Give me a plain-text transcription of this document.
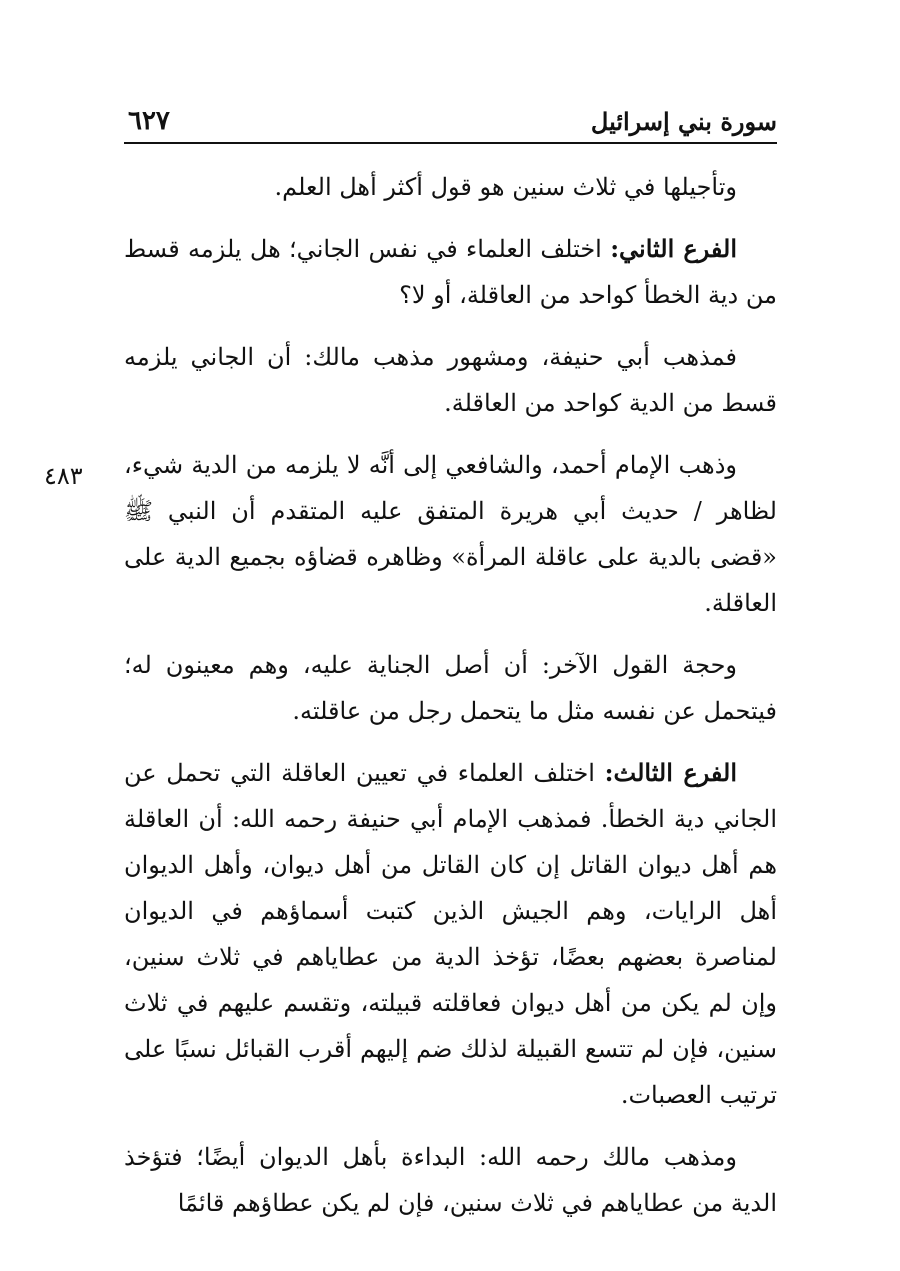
سورة بني إسرائيل
٦٢٧

وتأجيلها في ثلاث سنين هو قول أكثر أهل العلم.

الفرع الثاني: اختلف العلماء في نفس الجاني؛ هل يلزمه قسط من دية الخطأ كواحد من العاقلة، أو لا؟

فمذهب أبي حنيفة، ومشهور مذهب مالك: أن الجاني يلزمه قسط من الدية كواحد من العاقلة.

وذهب الإمام أحمد، والشافعي إلى أنَّه لا يلزمه من الدية شيء، لظاهر / حديث أبي هريرة المتفق عليه المتقدم أن النبي ﷺ «قضى بالدية على عاقلة المرأة» وظاهره قضاؤه بجميع الدية على العاقلة.

وحجة القول الآخر: أن أصل الجناية عليه، وهم معينون له؛ فيتحمل عن نفسه مثل ما يتحمل رجل من عاقلته.

الفرع الثالث: اختلف العلماء في تعيين العاقلة التي تحمل عن الجاني دية الخطأ. فمذهب الإمام أبي حنيفة رحمه الله: أن العاقلة هم أهل ديوان القاتل إن كان القاتل من أهل ديوان، وأهل الديوان أهل الرايات، وهم الجيش الذين كتبت أسماؤهم في الديوان لمناصرة بعضهم بعضًا، تؤخذ الدية من عطاياهم في ثلاث سنين، وإن لم يكن من أهل ديوان فعاقلته قبيلته، وتقسم عليهم في ثلاث سنين، فإن لم تتسع القبيلة لذلك ضم إليهم أقرب القبائل نسبًا على ترتيب العصبات.

ومذهب مالك رحمه الله: البداءة بأهل الديوان أيضًا؛ فتؤخذ الدية من عطاياهم في ثلاث سنين، فإن لم يكن عطاؤهم قائمًا

٤٨٣
